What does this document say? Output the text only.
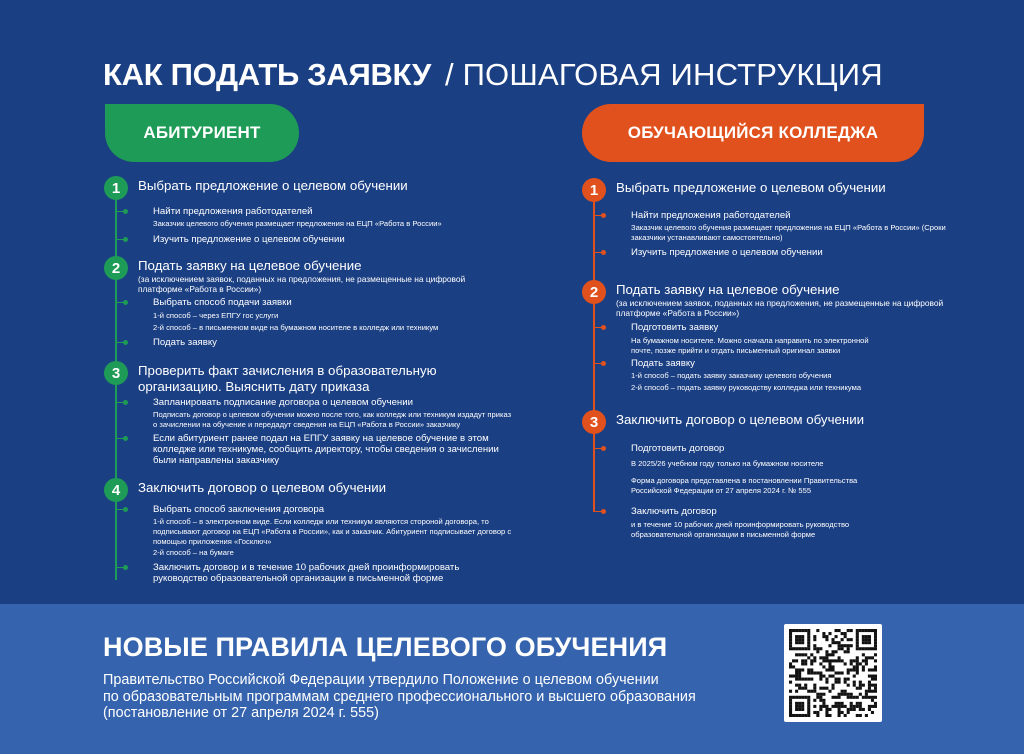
КАК ПОДАТЬ ЗАЯВКУ / ПОШАГОВАЯ ИНСТРУКЦИЯ
АБИТУРИЕНТ	ОБУЧАЮЩИЙСЯ КОЛЛЕДЖА
1	Выбрать предложение о целевом обучении
Найти предложения работодателей
Заказчик целевого обучения размещает предложения на ЕЦП «Работа в России»
Изучить предложение о целевом обучении
2	Подать заявку на целевое обучение
(за исключением заявок, поданных на предложения, не размещенные на цифровой платформе «Работа в России»)
Выбрать способ подачи заявки
1-й способ – через ЕПГУ гос услуги
2-й способ – в письменном виде на бумажном носителе в колледж или техникум
Подать заявку
3	Проверить факт зачисления в образовательную
организацию. Выяснить дату приказа
Запланировать подписание договора о целевом обучении
Подписать договор о целевом обучении можно после того, как колледж или техникум издадут приказ о зачислении на обучение и передадут сведения на ЕЦП «Работа в России» заказчику
Если абитуриент ранее подал на ЕПГУ заявку на целевое обучение в этом колледже или техникуме, сообщить директору, чтобы сведения о зачислении были направлены заказчику
4	Заключить договор о целевом обучении
Выбрать способ заключения договора
1-й способ – в электронном виде. Если колледж или техникум являются стороной договора, то подписывают договор на ЕЦП «Работа в России», как и заказчик. Абитуриент подписывает договор с помощью приложения «Госключ»
2-й способ – на бумаге
Заключить договор и в течение 10 рабочих дней проинформировать руководство образовательной организации в письменной форме
1	Выбрать предложение о целевом обучении
Найти предложения работодателей
Заказчик целевого обучения размещает предложения на ЕЦП «Работа в России» (Сроки заказчики устанавливают самостоятельно)
Изучить предложение о целевом обучении
2	Подать заявку на целевое обучение
(за исключением заявок, поданных на предложения, не размещенные на цифровой платформе «Работа в России»)
Подготовить заявку
На бумажном носителе. Можно сначала направить по электронной почте, позже прийти и отдать письменный оригинал заявки
Подать заявку
1-й способ – подать заявку заказчику целевого обучения
2-й способ – подать заявку руководству колледжа или техникума
3	Заключить договор о целевом обучении
Подготовить договор
В 2025/26 учебном году только на бумажном носителе
Форма договора представлена в постановлении Правительства Российской Федерации от 27 апреля 2024 г. № 555
Заключить договор
и в течение 10 рабочих дней проинформировать руководство образовательной организации в письменной форме
НОВЫЕ ПРАВИЛА ЦЕЛЕВОГО ОБУЧЕНИЯ
Правительство Российской Федерации утвердило Положение о целевом обучении
по образовательным программам среднего профессионального и высшего образования
(постановление от 27 апреля 2024 г. 555)
